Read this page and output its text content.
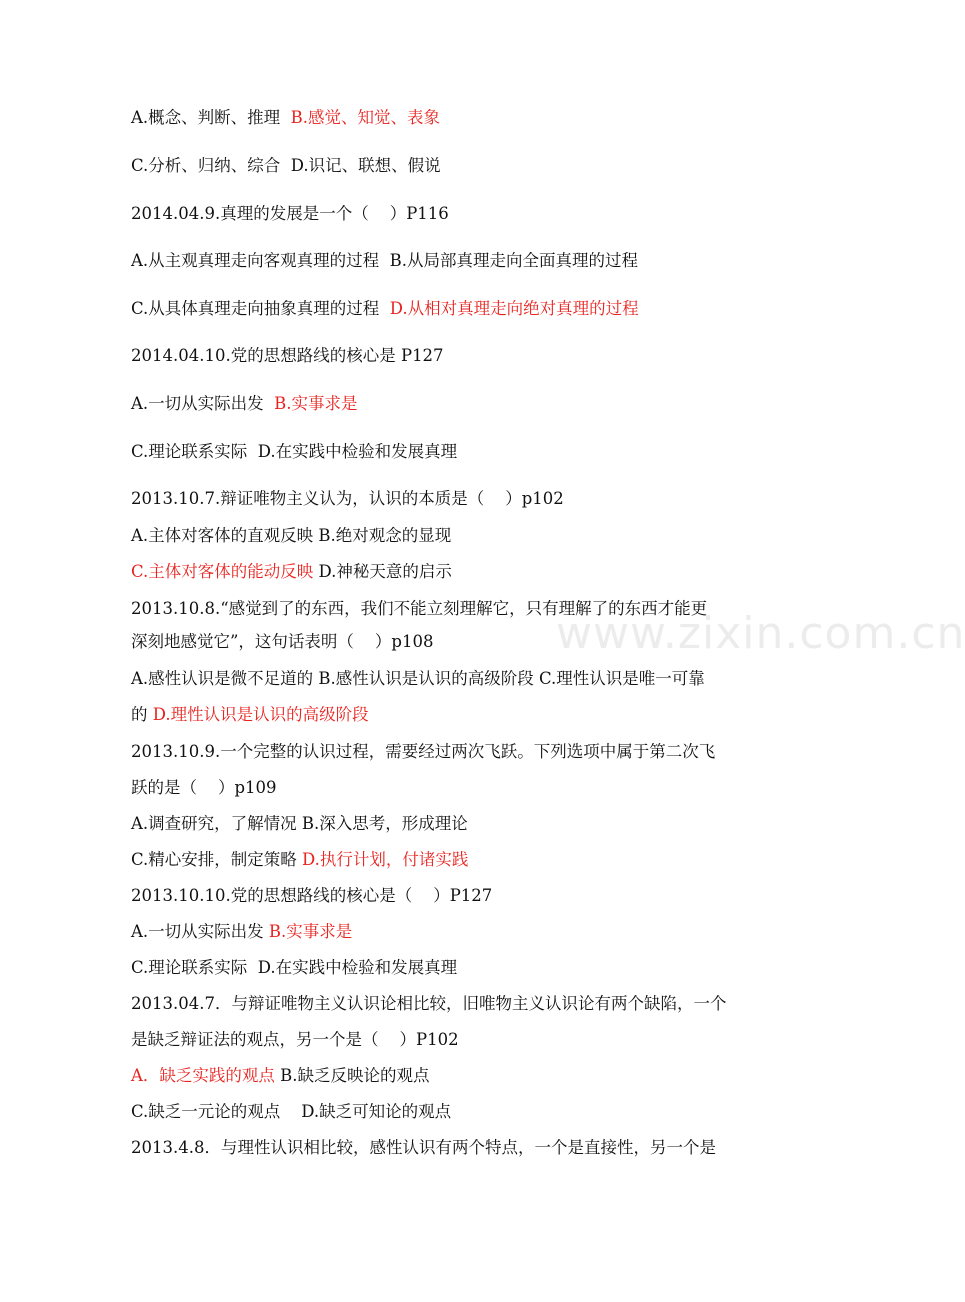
www.zixin.com.cn
A.概念、判断、推理  B.感觉、知觉、表象
C.分析、归纳、综合  D.识记、联想、假说
2014.04.9.真理的发展是一个（    ）P116
A.从主观真理走向客观真理的过程  B.从局部真理走向全面真理的过程
C.从具体真理走向抽象真理的过程  D.从相对真理走向绝对真理的过程
2014.04.10.党的思想路线的核心是 P127
A.一切从实际出发  B.实事求是
C.理论联系实际  D.在实践中检验和发展真理
2013.10.7.辩证唯物主义认为，认识的本质是（    ）p102
A.主体对客体的直观反映 B.绝对观念的显现
C.主体对客体的能动反映 D.神秘天意的启示
2013.10.8.“感觉到了的东西，我们不能立刻理解它，只有理解了的东西才能更
深刻地感觉它”，这句话表明（    ）p108
A.感性认识是微不足道的 B.感性认识是认识的高级阶段 C.理性认识是唯一可靠
的 D.理性认识是认识的高级阶段
2013.10.9.一个完整的认识过程，需要经过两次飞跃。下列选项中属于第二次飞
跃的是（    ）p109
A.调查研究，了解情况 B.深入思考，形成理论
C.精心安排，制定策略 D.执行计划，付诸实践
2013.10.10.党的思想路线的核心是（    ）P127
A.一切从实际出发 B.实事求是
C.理论联系实际  D.在实践中检验和发展真理
2013.04.7．与辩证唯物主义认识论相比较，旧唯物主义认识论有两个缺陷，一个
是缺乏辩证法的观点，另一个是（    ）P102
A．缺乏实践的观点 B.缺乏反映论的观点
C.缺乏一元论的观点    D.缺乏可知论的观点
2013.4.8．与理性认识相比较，感性认识有两个特点，一个是直接性，另一个是
